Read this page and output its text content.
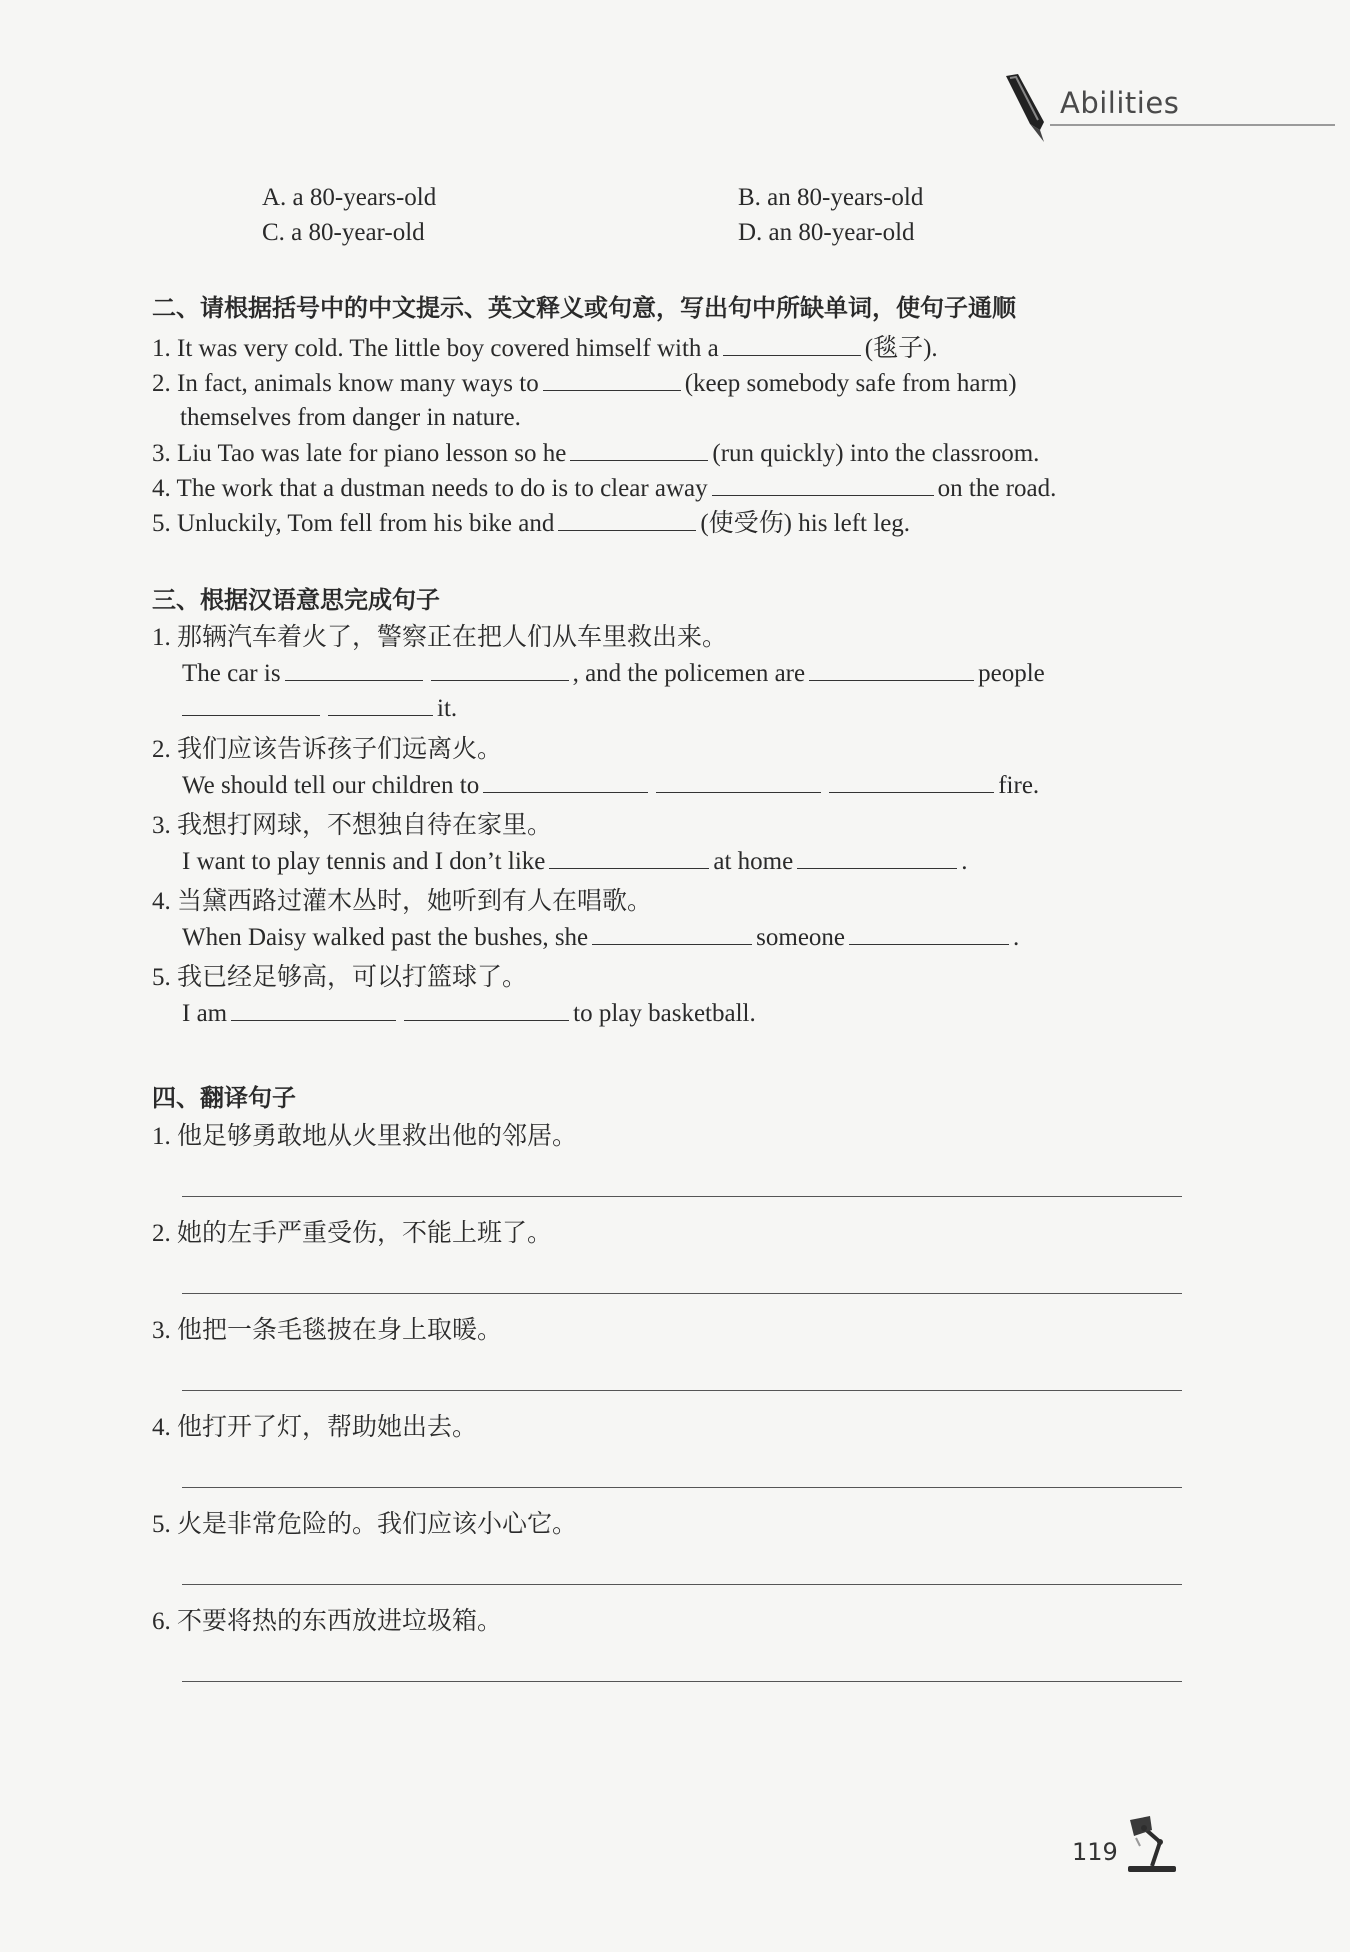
Abilities
A. a 80-years-old	B. an 80-years-old
C. a 80-year-old	D. an 80-year-old
二、请根据括号中的中文提示、英文释义或句意，写出句中所缺单词，使句子通顺
1. It was very cold. The little boy covered himself with a	(毯子).
2. In fact, animals know many ways to	(keep somebody safe from harm)
themselves from danger in nature.
3. Liu Tao was late for piano lesson so he	(run quickly) into the classroom.
4. The work that a dustman needs to do is to clear away	on the road.
5. Unluckily, Tom fell from his bike and	(使受伤) his left leg.
三、根据汉语意思完成句子
1. 那辆汽车着火了，警察正在把人们从车里救出来。
The car is	, and the policemen are	people
it.
2. 我们应该告诉孩子们远离火。
We should tell our children to	fire.
3. 我想打网球，不想独自待在家里。
I want to play tennis and I don’t like	at home	.
4. 当黛西路过灌木丛时，她听到有人在唱歌。
When Daisy walked past the bushes, she	someone	.
5. 我已经足够高，可以打篮球了。
I am	to play basketball.
四、翻译句子
1. 他足够勇敢地从火里救出他的邻居。
2. 她的左手严重受伤，不能上班了。
3. 他把一条毛毯披在身上取暖。
4. 他打开了灯，帮助她出去。
5. 火是非常危险的。我们应该小心它。
6. 不要将热的东西放进垃圾箱。
119
